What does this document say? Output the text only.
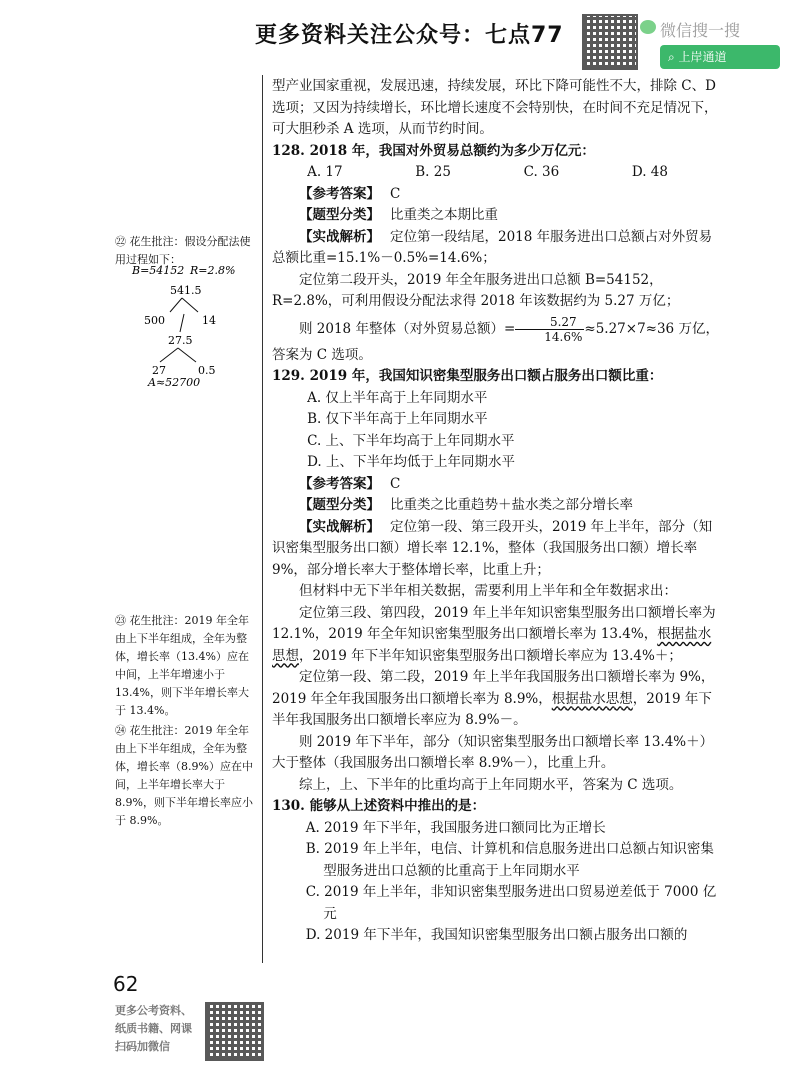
更多资料关注公众号：七点77	微信搜一搜
⌕ 上岸通道

型产业国家重视，发展迅速，持续发展，环比下降可能性不大，排除 C、D 选项；又因为持续增长，环比增长速度不会特别快，在时间不充足情况下，可大胆秒杀 A 选项，从而节约时间。

128. 2018 年，我国对外贸易总额约为多少万亿元：

A. 17	B. 25	C. 36	D. 48

【参考答案】 C

【题型分类】 比重类之本期比重

【实战解析】 定位第一段结尾，2018 年服务进出口总额占对外贸易总额比重=15.1%－0.5%=14.6%；

定位第二段开头，2019 年全年服务进出口总额 B=54152，R=2.8%，可利用假设分配法求得 2018 年该数据约为 5.27 万亿；

则 2018 年整体（对外贸易总额）= $\frac{5.27}{14.6\%} \approx 5.27\times 7\approx 36$ 万亿，

答案为 C 选项。

129. 2019 年，我国知识密集型服务出口额占服务出口额比重：

A. 仅上半年高于上年同期水平

B. 仅下半年高于上年同期水平

C. 上、下半年均高于上年同期水平

D. 上、下半年均低于上年同期水平

【参考答案】 C

【题型分类】 比重类之比重趋势＋盐水类之部分增长率

【实战解析】 定位第一段、第三段开头，2019 年上半年，部分（知识密集型服务出口额）增长率 12.1%，整体（我国服务出口额）增长率 9%，部分增长率大于整体增长率，比重上升；

但材料中无下半年相关数据，需要利用上半年和全年数据求出：

定位第三段、第四段，2019 年上半年知识密集型服务出口额增长率为 12.1%，2019 年全年知识密集型服务出口额增长率为 13.4%，根据盐水思想，2019 年下半年知识密集型服务出口额增长率应为 13.4%＋；

定位第一段、第二段，2019 年上半年我国服务出口额增长率为 9%，2019 年全年我国服务出口额增长率为 8.9%，根据盐水思想，2019 年下半年我国服务出口额增长率应为 8.9%－。

则 2019 年下半年，部分（知识密集型服务出口额增长率 13.4%＋）大于整体（我国服务出口额增长率 8.9%－），比重上升。

综上，上、下半年的比重均高于上年同期水平，答案为 C 选项。

130. 能够从上述资料中推出的是：

A. 2019 年下半年，我国服务进口额同比为正增长

B. 2019 年上半年，电信、计算机和信息服务进出口总额占知识密集型服务进出口总额的比重高于上年同期水平

C. 2019 年上半年，非知识密集型服务进出口贸易逆差低于 7000 亿元

D. 2019 年下半年，我国知识密集型服务出口额占服务出口额的

㉒ 花生批注：假设分配法使用过程如下：
B=54152 R=2.8%
541.5
500	14
27.5
27	0.5
A≈52700
㉓ 花生批注：2019 年全年由上下半年组成，全年为整体，增长率（13.4%）应在中间，上半年增速小于 13.4%，则下半年增长率大于 13.4%。
㉔ 花生批注：2019 年全年由上下半年组成，全年为整体，增长率（8.9%）应在中间，上半年增长率大于 8.9%，则下半年增长率应小于 8.9%。
62
更多公考资料、
纸质书籍、网课
扫码加微信
